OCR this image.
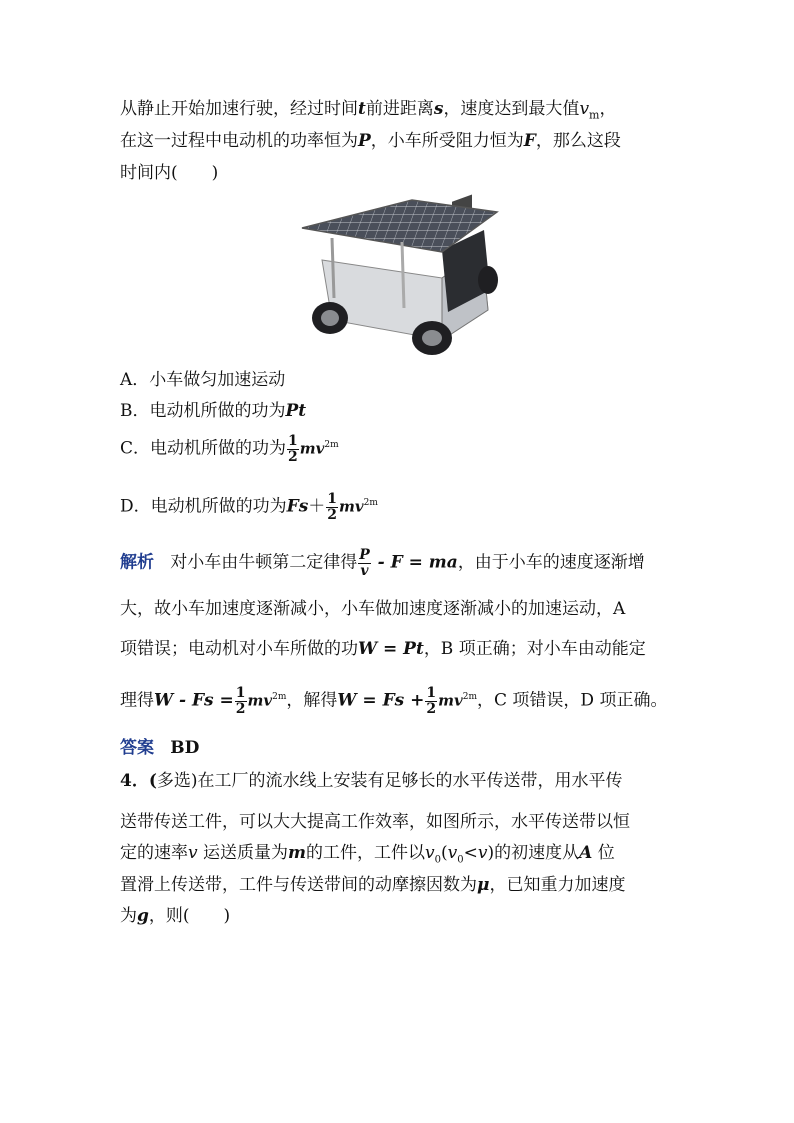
从静止开始加速行驶，经过时间t前进距离s，速度达到最大值$v_m$，
在这一过程中电动机的功率恒为P，小车所受阻力恒为F，那么这段
时间内(　　)
A．小车做匀加速运动
B．电动机所做的功为Pt
C．电动机所做的功为 $\frac{1}{2} mv^{2m}$
D．电动机所做的功为$Fs+ \frac{1}{2} mv^{2m}$
解析 对小车由牛顿第二定律得 $\frac{P}{v}$ - F = ma，由于小车的速度逐渐增
大，故小车加速度逐渐减小，小车做加速度逐渐减小的加速运动，A
项错误；电动机对小车所做的功W = Pt，B 项正确；对小车由动能定
理得$W - Fs = \frac{1}{2} mv^{2m}$，解得$W = Fs + \frac{1}{2} mv^{2m}$，C 项错误，D 项正确。
答案 BD
4．(多选)在工厂的流水线上安装有足够长的水平传送带，用水平传
送带传送工件，可以大大提高工作效率，如图所示，水平传送带以恒
定的速率v 运送质量为m的工件，工件以$v_0(v_0<v)$的初速度从A 位
置滑上传送带，工件与传送带间的动摩擦因数为μ，已知重力加速度
为g，则(　　)
